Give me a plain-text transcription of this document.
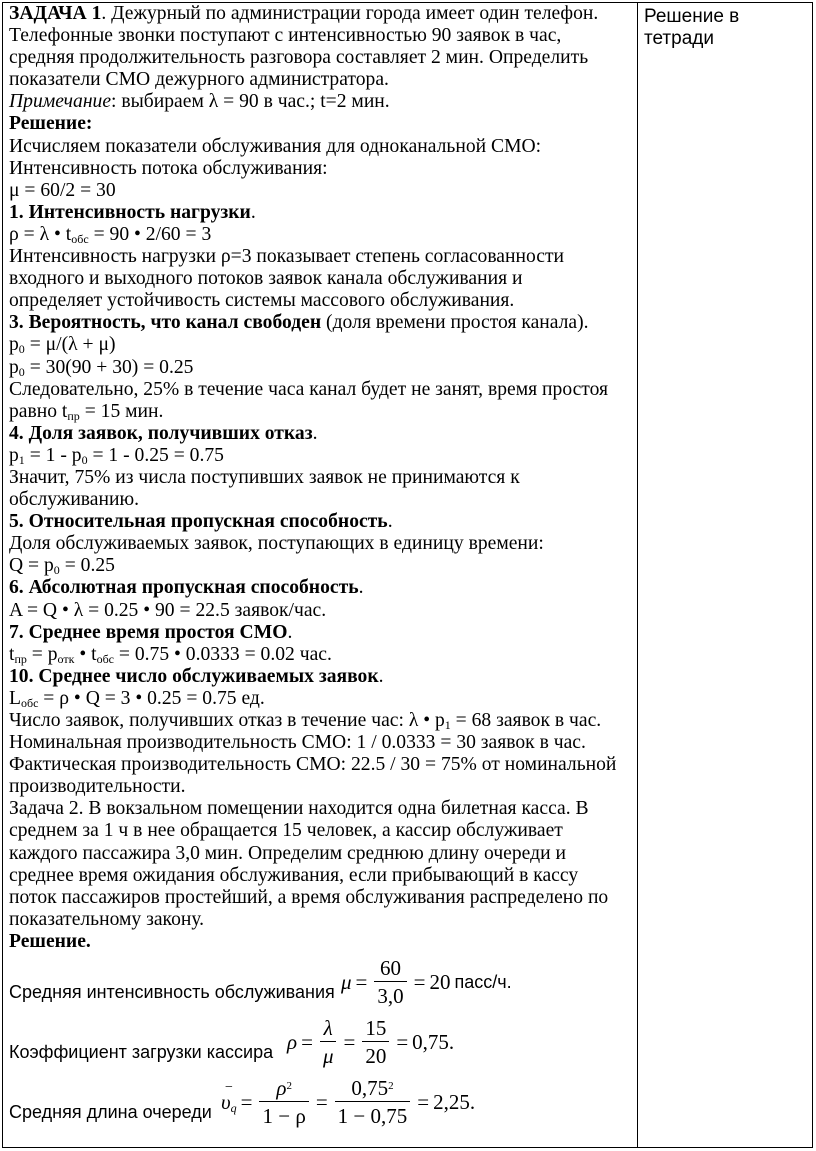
ЗАДАЧА 1. Дежурный по администрации города имеет один телефон.
Телефонные звонки поступают с интенсивностью 90 заявок в час,
средняя продолжительность разговора составляет 2 мин. Определить
показатели СМО дежурного администратора.
Примечание: выбираем λ = 90 в час.; t=2 мин.
Решение:
Исчисляем показатели обслуживания для одноканальной СМО:
Интенсивность потока обслуживания:
μ = 60/2 = 30
1. Интенсивность нагрузки.
ρ = λ • $t_{обс} = 90$ • 2/60 = 3
Интенсивность нагрузки ρ=3 показывает степень согласованности
входного и выходного потоков заявок канала обслуживания и
определяет устойчивость системы массового обслуживания.
3. Вероятность, что канал свободен (доля времени простоя канала).
$p_0 = \mu/(\lambda + \mu)$
$p_0 = 30(90 + 30) = 0.25$
Следовательно, 25% в течение часа канал будет не занят, время простоя
равно $t_{пр} = 15$ мин.
4. Доля заявок, получивших отказ.
$p_1 = 1 - p_0 = 1 - 0.25 = 0.75$
Значит, 75% из числа поступивших заявок не принимаются к
обслуживанию.
5. Относительная пропускная способность.
Доля обслуживаемых заявок, поступающих в единицу времени:
$Q = p_0 = 0.25$
6. Абсолютная пропускная способность.
A = Q • λ = 0.25 • 90 = 22.5 заявок/час.
7. Среднее время простоя СМО.
$t_{пр} = p_{отк}$ • $t_{обс} = 0.75$ • 0.0333 = 0.02 час.
10. Среднее число обслуживаемых заявок.
$L_{обс} = \rho$ • Q = 3 • 0.25 = 0.75 ед.
Число заявок, получивших отказ в течение час: λ • $p_1 = 68$ заявок в час.
Номинальная производительность СМО: 1 / 0.0333 = 30 заявок в час.
Фактическая производительность СМО: 22.5 / 30 = 75% от номинальной
производительности.
Задача 2. В вокзальном помещении находится одна билетная касса. В
среднем за 1 ч в нее обращается 15 человек, а кассир обслуживает
каждого пассажира 3,0 мин. Определим среднюю длину очереди и
среднее время ожидания обслуживания, если прибывающий в кассу
поток пассажиров простейший, а время обслуживания распределено по
показательному закону.
Решение.
Средняя интенсивность обслуживания $\mu = \frac{60}{3,0} = 20$ пасс/ч.
Коэффициент загрузки кассира $\rho = \frac{\lambda}{\mu} = \frac{15}{20} = 0,75$.
Средняя длина очереди
−
$\upsilon_q = \frac{\rho^2}{1 - \rho} = \frac{0,75^2}{1 - 0,75} = 2,25$.

Решение в тетради
